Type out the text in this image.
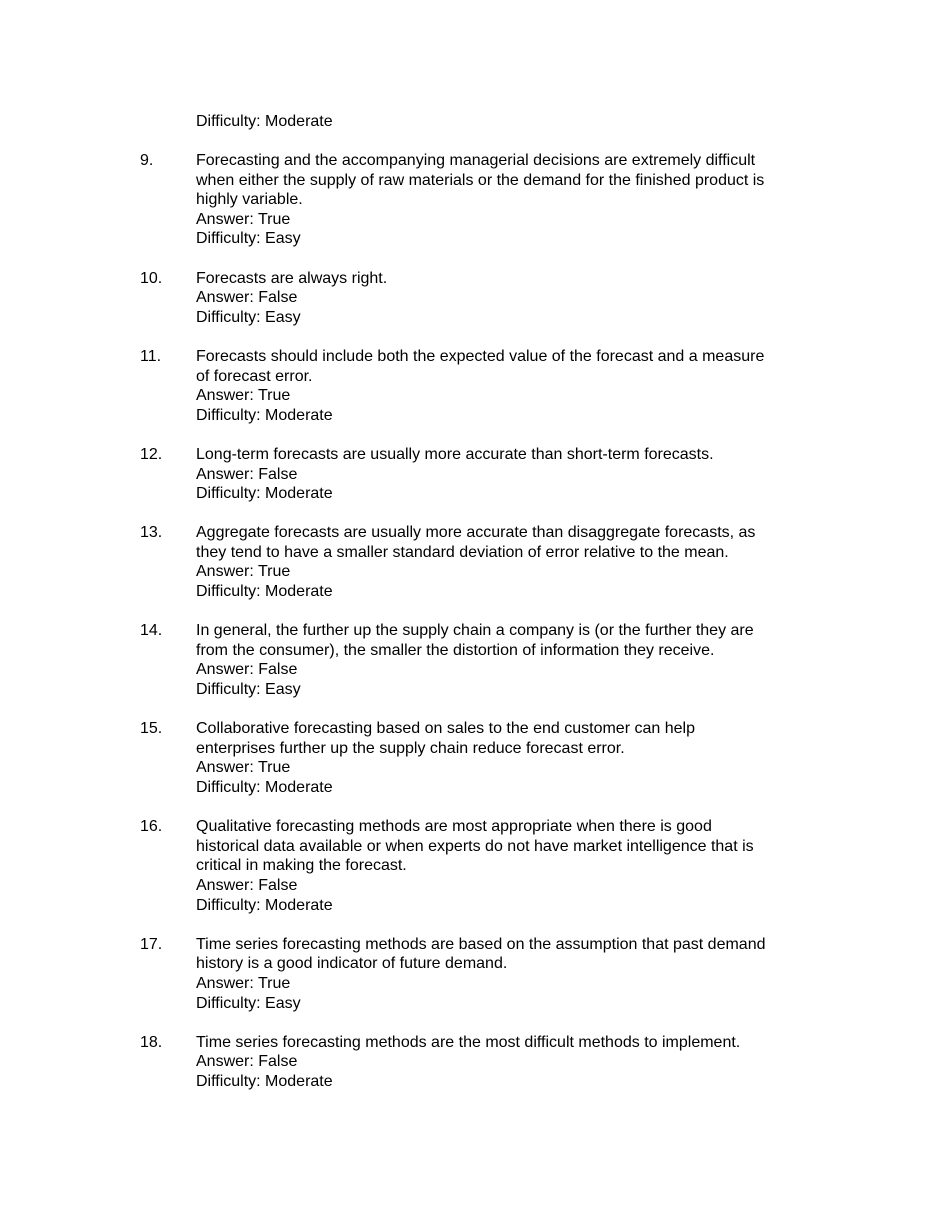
Difficulty: Moderate
9.	Forecasting and the accompanying managerial decisions are extremely difficult
when either the supply of raw materials or the demand for the finished product is
highly variable.
Answer: True
Difficulty: Easy
10.	Forecasts are always right.
Answer: False
Difficulty: Easy
11.	Forecasts should include both the expected value of the forecast and a measure
of forecast error.
Answer: True
Difficulty: Moderate
12.	Long-term forecasts are usually more accurate than short-term forecasts.
Answer: False
Difficulty: Moderate
13.	Aggregate forecasts are usually more accurate than disaggregate forecasts, as
they tend to have a smaller standard deviation of error relative to the mean.
Answer: True
Difficulty: Moderate
14.	In general, the further up the supply chain a company is (or the further they are
from the consumer), the smaller the distortion of information they receive.
Answer: False
Difficulty: Easy
15.	Collaborative forecasting based on sales to the end customer can help
enterprises further up the supply chain reduce forecast error.
Answer: True
Difficulty: Moderate
16.	Qualitative forecasting methods are most appropriate when there is good
historical data available or when experts do not have market intelligence that is
critical in making the forecast.
Answer: False
Difficulty: Moderate
17.	Time series forecasting methods are based on the assumption that past demand
history is a good indicator of future demand.
Answer: True
Difficulty: Easy
18.	Time series forecasting methods are the most difficult methods to implement.
Answer: False
Difficulty: Moderate
